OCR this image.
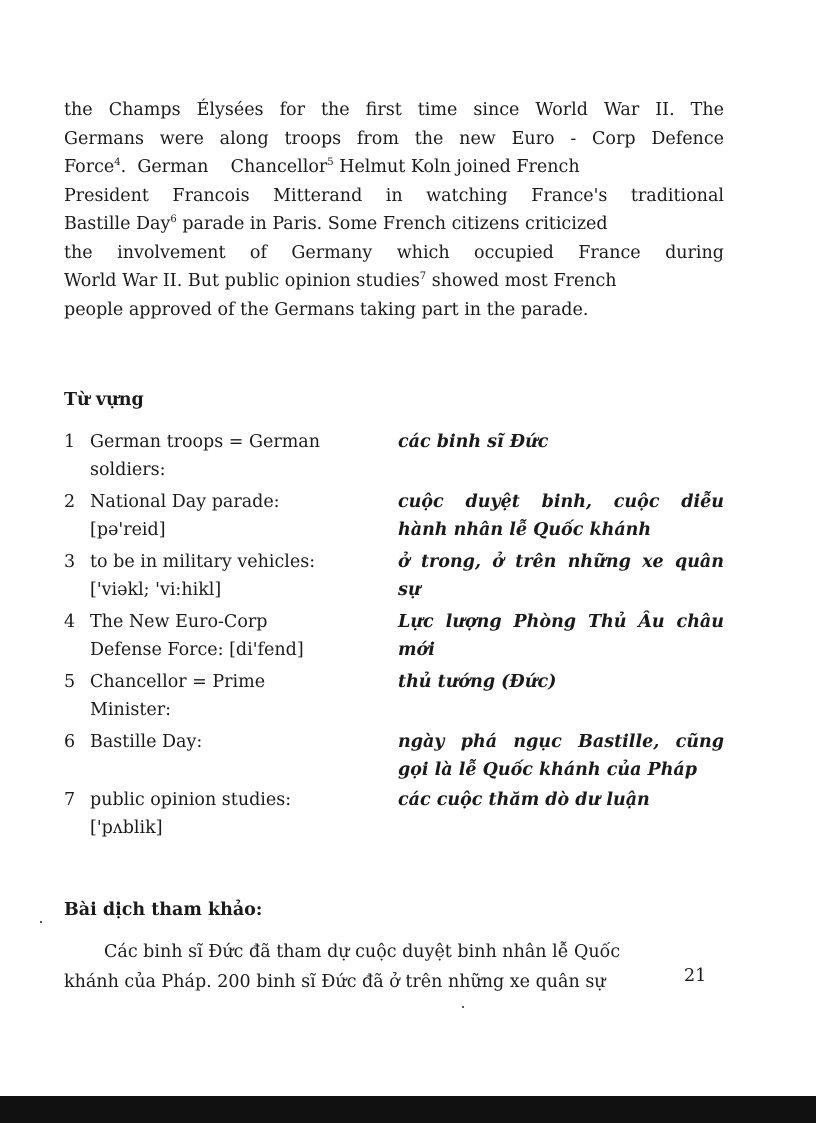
the Champs Élysées for the first time since World War II. The
Germans were along troops from the new Euro - Corp Defence
Force$^4$. German Chancellor$^5$ Helmut Koln joined French
President Francois Mitterand in watching France's traditional
Bastille Day$^6$ parade in Paris. Some French citizens criticized
the involvement of Germany which occupied France during
World War II. But public opinion studies$^7$ showed most French
people approved of the Germans taking part in the parade.
Từ vựng
1 German troops = German
soldiers:
các binh sĩ Đức
2 National Day parade:
[pə'reid]
cuộc duyệt binh, cuộc diễu
hành nhân lễ Quốc khánh
3 to be in military vehicles:
['viəkl; 'vi:hikl]
ở trong, ở trên những xe quân
sự
4 The New Euro-Corp
Defense Force: [di'fend]
Lực lượng Phòng Thủ Âu châu
mới
5 Chancellor = Prime
Minister:
thủ tướng (Đức)
6 Bastille Day:	ngày phá ngục Bastille, cũng
gọi là lễ Quốc khánh của Pháp
7 public opinion studies:
['pʌblik]
các cuộc thăm dò dư luận
Bài dịch tham khảo:
Các binh sĩ Đức đã tham dự cuộc duyệt binh nhân lễ Quốc
khánh của Pháp. 200 binh sĩ Đức đã ở trên những xe quân sự	21
